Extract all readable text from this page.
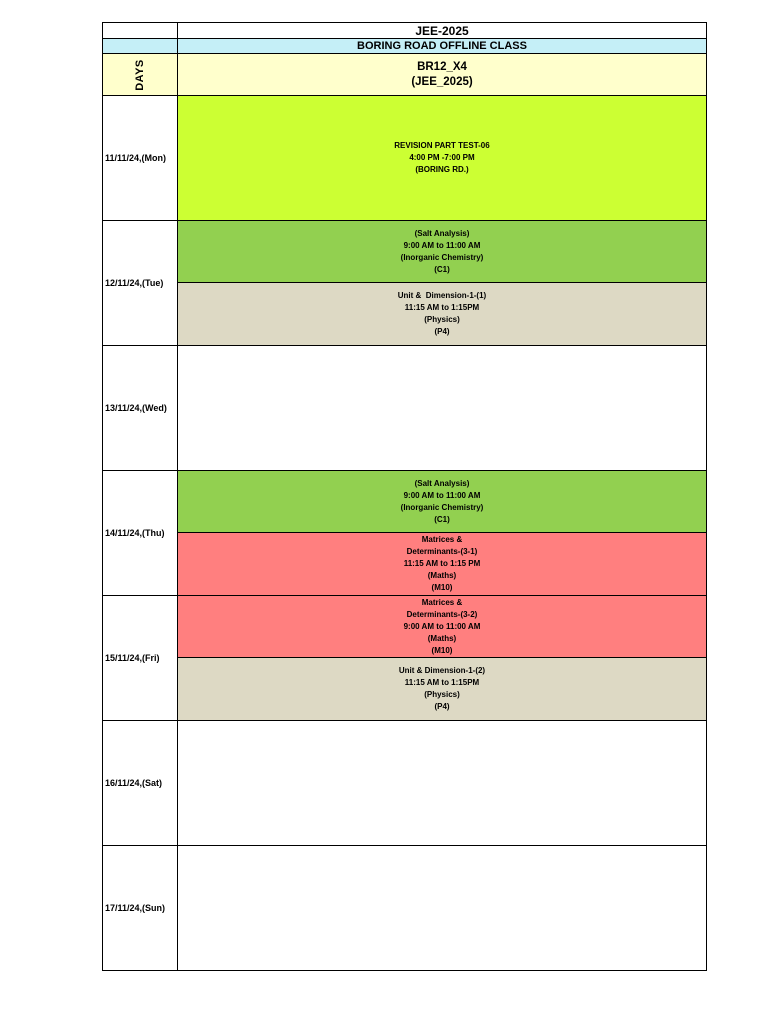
JEE-2025
BORING ROAD OFFLINE CLASS
DAYS	BR12_X4
(JEE_2025)
11/11/24,(Mon)
REVISION PART TEST-06
4:00 PM -7:00 PM
(BORING RD.)
12/11/24,(Tue)
(Salt Analysis)
9:00 AM to 11:00 AM
(Inorganic Chemistry)
(C1)
Unit &  Dimension-1-(1)
11:15 AM to 1:15PM
(Physics)
(P4)
13/11/24,(Wed)
14/11/24,(Thu)
(Salt Analysis)
9:00 AM to 11:00 AM
(Inorganic Chemistry)
(C1)
Matrices &
Determinants-(3-1)
11:15 AM to 1:15 PM
(Maths)
(M10)
15/11/24,(Fri)
Matrices &
Determinants-(3-2)
9:00 AM to 11:00 AM
(Maths)
(M10)
Unit & Dimension-1-(2)
11:15 AM to 1:15PM
(Physics)
(P4)
16/11/24,(Sat)
17/11/24,(Sun)
